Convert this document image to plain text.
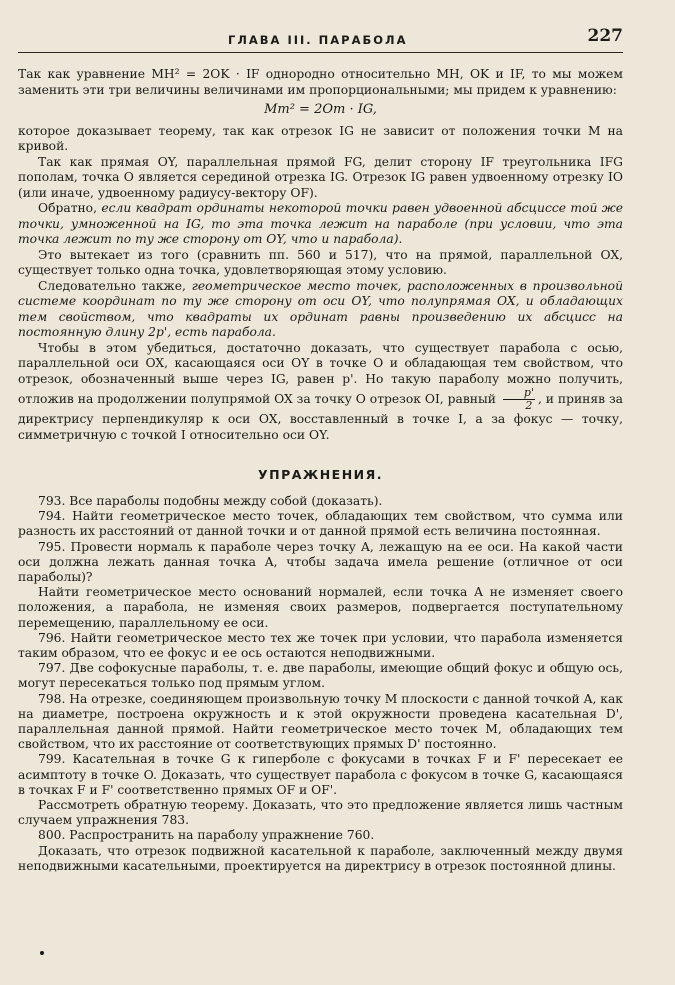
ГЛАВА III. ПАРАБОЛА	227

Так как уравнение MH² = 2OK · IF однородно относительно MH, OK и IF, то мы можем заменить эти три величины величинами им пропорциональными; мы придем к уравнению:

Mm² = 2Om · IG,

которое доказывает теорему, так как отрезок IG не зависит от положения точки M на кривой.

Так как прямая OY, параллельная прямой FG, делит сторону IF треугольника IFG пополам, точка O является серединой отрезка IG. Отрезок IG равен удвоенному отрезку IO (или иначе, удвоенному радиусу-вектору OF).

Обратно, если квадрат ординаты некоторой точки равен удвоенной абсциссе той же точки, умноженной на IG, то эта точка лежит на параболе (при условии, что эта точка лежит по ту же сторону от OY, что и парабола).

Это вытекает из того (сравнить пп. 560 и 517), что на прямой, параллельной OX, существует только одна точка, удовлетворяющая этому условию.

Следовательно также, геометрическое место точек, расположенных в произвольной системе координат по ту же сторону от оси OY, что полупрямая OX, и обладающих тем свойством, что квадраты их ординат равны произведению их абсцисс на постоянную длину 2p', есть парабола.

Чтобы в этом убедиться, достаточно доказать, что существует парабола с осью, параллельной оси OX, касающаяся оси OY в точке O и обладающая тем свойством, что отрезок, обозначенный выше через IG, равен p'. Но такую параболу можно получить, отложив на продолжении полупрямой OX за точку O отрезок OI, равный $\frac{p'}{2}$ , и приняв за директрису перпендикуляр к оси OX, восставленный в точке I, а за фокус — точку, симметричную с точкой I относительно оси OY.

УПРАЖНЕНИЯ.

793. Все параболы подобны между собой (доказать).

794. Найти геометрическое место точек, обладающих тем свойством, что сумма или разность их расстояний от данной точки и от данной прямой есть величина постоянная.

795. Провести нормаль к параболе через точку A, лежащую на ее оси. На какой части оси должна лежать данная точка A, чтобы задача имела решение (отличное от оси параболы)?

Найти геометрическое место оснований нормалей, если точка A не изменяет своего положения, а парабола, не изменяя своих размеров, подвергается поступательному перемещению, параллельному ее оси.

796. Найти геометрическое место тех же точек при условии, что парабола изменяется таким образом, что ее фокус и ее ось остаются неподвижными.

797. Две софокусные параболы, т. е. две параболы, имеющие общий фокус и общую ось, могут пересекаться только под прямым углом.

798. На отрезке, соединяющем произвольную точку M плоскости с данной точкой A, как на диаметре, построена окружность и к этой окружности проведена касательная D', параллельная данной прямой. Найти геометрическое место точек M, обладающих тем свойством, что их расстояние от соответствующих прямых D' постоянно.

799. Касательная в точке G к гиперболе с фокусами в точках F и F' пересекает ее асимптоту в точке O. Доказать, что существует парабола с фокусом в точке G, касающаяся в точках F и F' соответственно прямых OF и OF'.

Рассмотреть обратную теорему. Доказать, что это предложение является лишь частным случаем упражнения 783.

800. Распространить на параболу упражнение 760.

Доказать, что отрезок подвижной касательной к параболе, заключенный между двумя неподвижными касательными, проектируется на директрису в отрезок постоянной длины.
